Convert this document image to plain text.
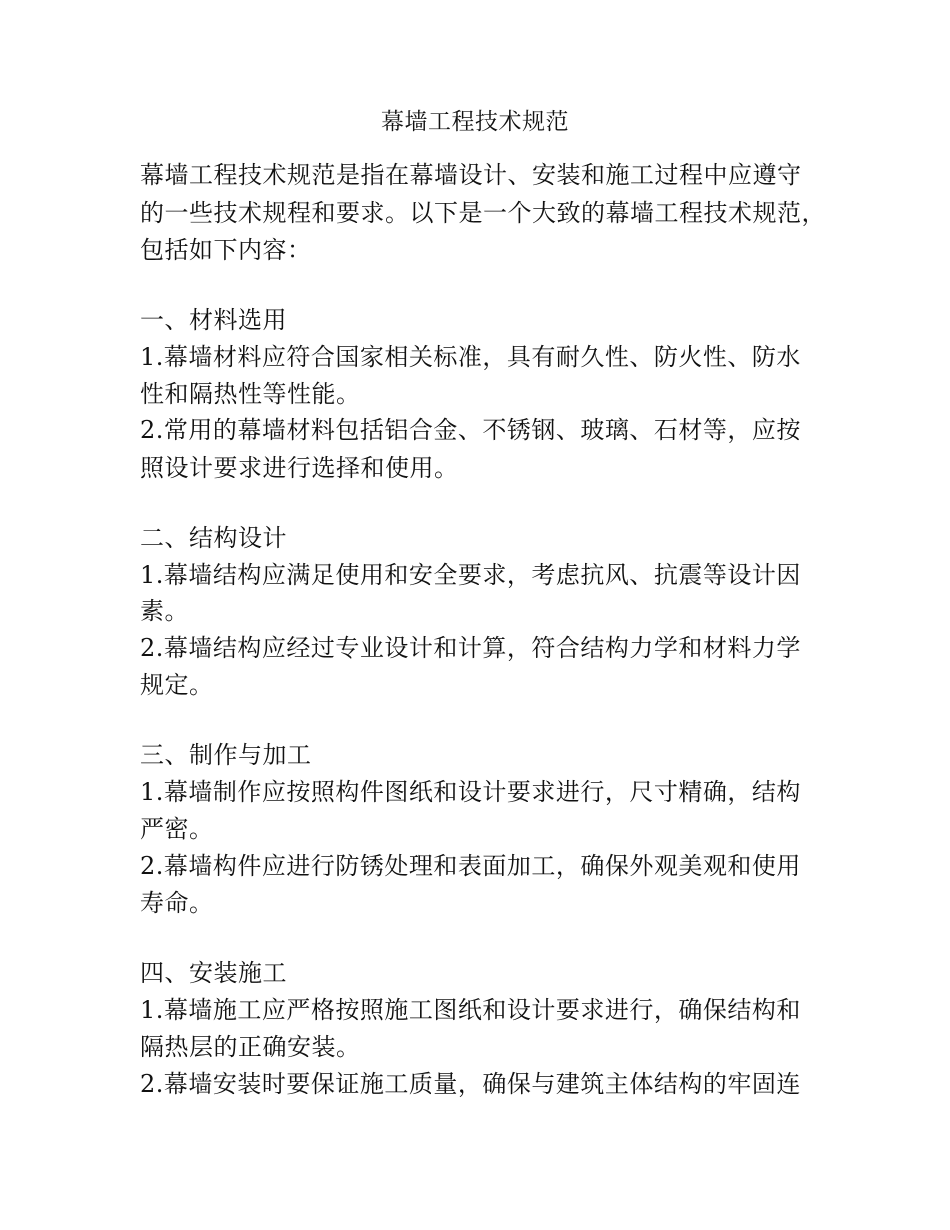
幕墙工程技术规范
幕墙工程技术规范是指在幕墙设计、安装和施工过程中应遵守
的一些技术规程和要求。以下是一个大致的幕墙工程技术规范，
包括如下内容：
一、材料选用
1.幕墙材料应符合国家相关标准，具有耐久性、防火性、防水
性和隔热性等性能。
2.常用的幕墙材料包括铝合金、不锈钢、玻璃、石材等，应按
照设计要求进行选择和使用。
二、结构设计
1.幕墙结构应满足使用和安全要求，考虑抗风、抗震等设计因
素。
2.幕墙结构应经过专业设计和计算，符合结构力学和材料力学
规定。
三、制作与加工
1.幕墙制作应按照构件图纸和设计要求进行，尺寸精确，结构
严密。
2.幕墙构件应进行防锈处理和表面加工，确保外观美观和使用
寿命。
四、安装施工
1.幕墙施工应严格按照施工图纸和设计要求进行，确保结构和
隔热层的正确安装。
2.幕墙安装时要保证施工质量，确保与建筑主体结构的牢固连
